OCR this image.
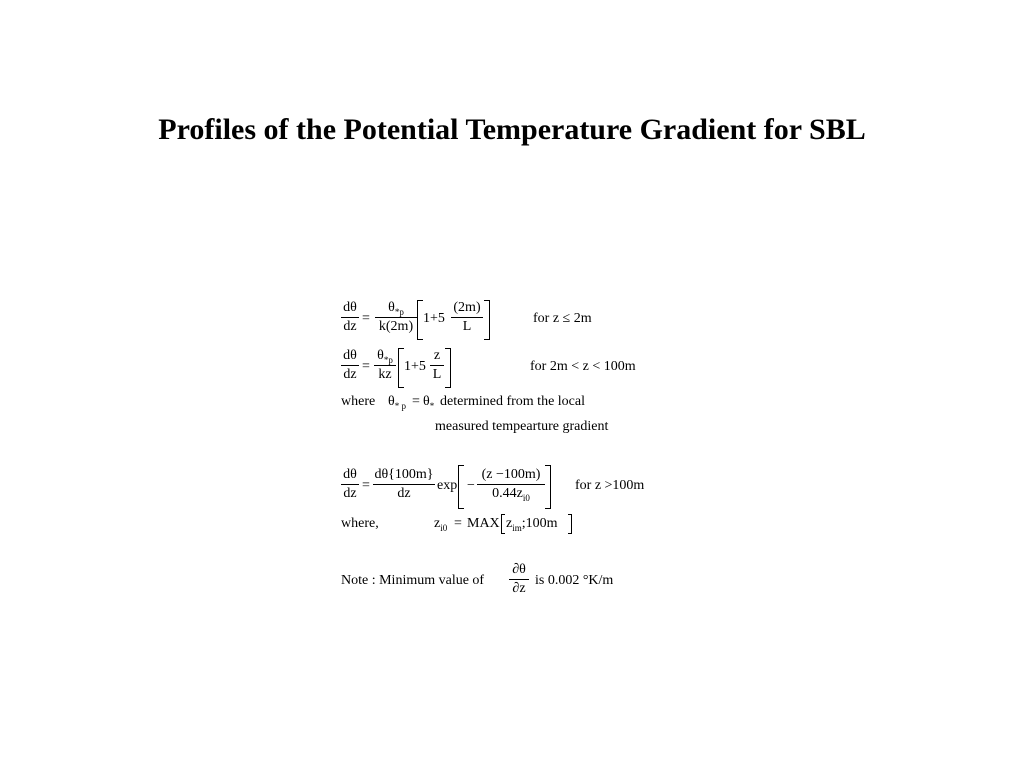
Profiles of the Potential Temperature Gradient for SBL
$\frac{d\theta}{dz} = \frac{\theta_{*p}}{k(2m)} 1+5 \frac{(2m)}{L}$	for z ≤ 2m
$\frac{d\theta}{dz} = \frac{\theta_{*p}}{kz} 1+5 \frac{z}{L}$	for 2m < z < 100m
where $\theta_{* p} = \theta_*$ determined from the local
measured tempearture gradient
$\frac{d\theta}{dz} = \frac{d\theta\{100m\}}{dz}$ $\exp - \frac{(z -100m)}{0.44z_{i0}}$ for z >100m
where,	$z_{i0}$ = MAX $z_{im};100m$
Note : Minimum value of $\frac{\partial\theta}{\partial z}$ is 0.002 °K/m
